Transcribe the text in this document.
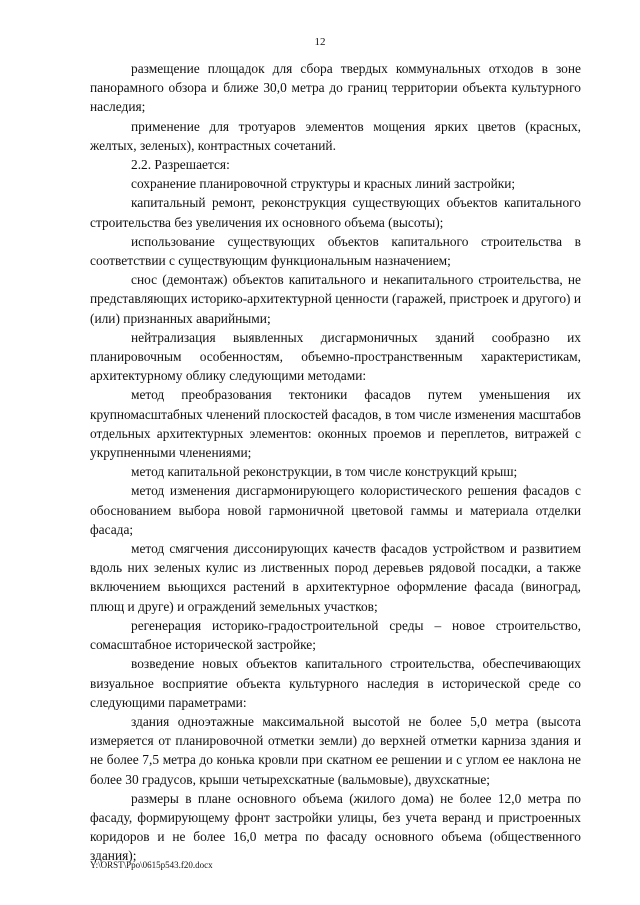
12

размещение площадок для сбора твердых коммунальных отходов в зоне панорамного обзора и ближе 30,0 метра до границ территории объекта культурного наследия;

применение для тротуаров элементов мощения ярких цветов (красных, желтых, зеленых), контрастных сочетаний.

2.2. Разрешается:

сохранение планировочной структуры и красных линий застройки;

капитальный ремонт, реконструкция существующих объектов капитального строительства без увеличения их основного объема (высоты);

использование существующих объектов капитального строительства в соответствии с существующим функциональным назначением;

снос (демонтаж) объектов капитального и некапитального строительства, не представляющих историко-архитектурной ценности (гаражей, пристроек и другого) и (или) признанных аварийными;

нейтрализация выявленных дисгармоничных зданий сообразно их планировочным особенностям, объемно-пространственным характеристикам, архитектурному облику следующими методами:

метод преобразования тектоники фасадов путем уменьшения их крупномасштабных членений плоскостей фасадов, в том числе изменения масштабов отдельных архитектурных элементов: оконных проемов и переплетов, витражей с укрупненными членениями;

метод капитальной реконструкции, в том числе конструкций крыш;

метод изменения дисгармонирующего колористического решения фасадов с обоснованием выбора новой гармоничной цветовой гаммы и материала отделки фасада;

метод смягчения диссонирующих качеств фасадов устройством и развитием вдоль них зеленых кулис из лиственных пород деревьев рядовой посадки, а также включением вьющихся растений в архитектурное оформление фасада (виноград, плющ и друге) и ограждений земельных участков;

регенерация историко-градостроительной среды – новое строительство, сомасштабное исторической застройке;

возведение новых объектов капитального строительства, обеспечивающих визуальное восприятие объекта культурного наследия в исторической среде со следующими параметрами:

здания одноэтажные максимальной высотой не более 5,0 метра (высота измеряется от планировочной отметки земли) до верхней отметки карниза здания и не более 7,5 метра до конька кровли при скатном ее решении и с углом ее наклона не более 30 градусов, крыши четырехскатные (вальмовые), двухскатные;

размеры в плане основного объема (жилого дома) не более 12,0 метра по фасаду, формирующему фронт застройки улицы, без учета веранд и пристроенных коридоров и не более 16,0 метра по фасаду основного объема (общественного здания);

Y:\ORST\Ppo\0615p543.f20.docx
